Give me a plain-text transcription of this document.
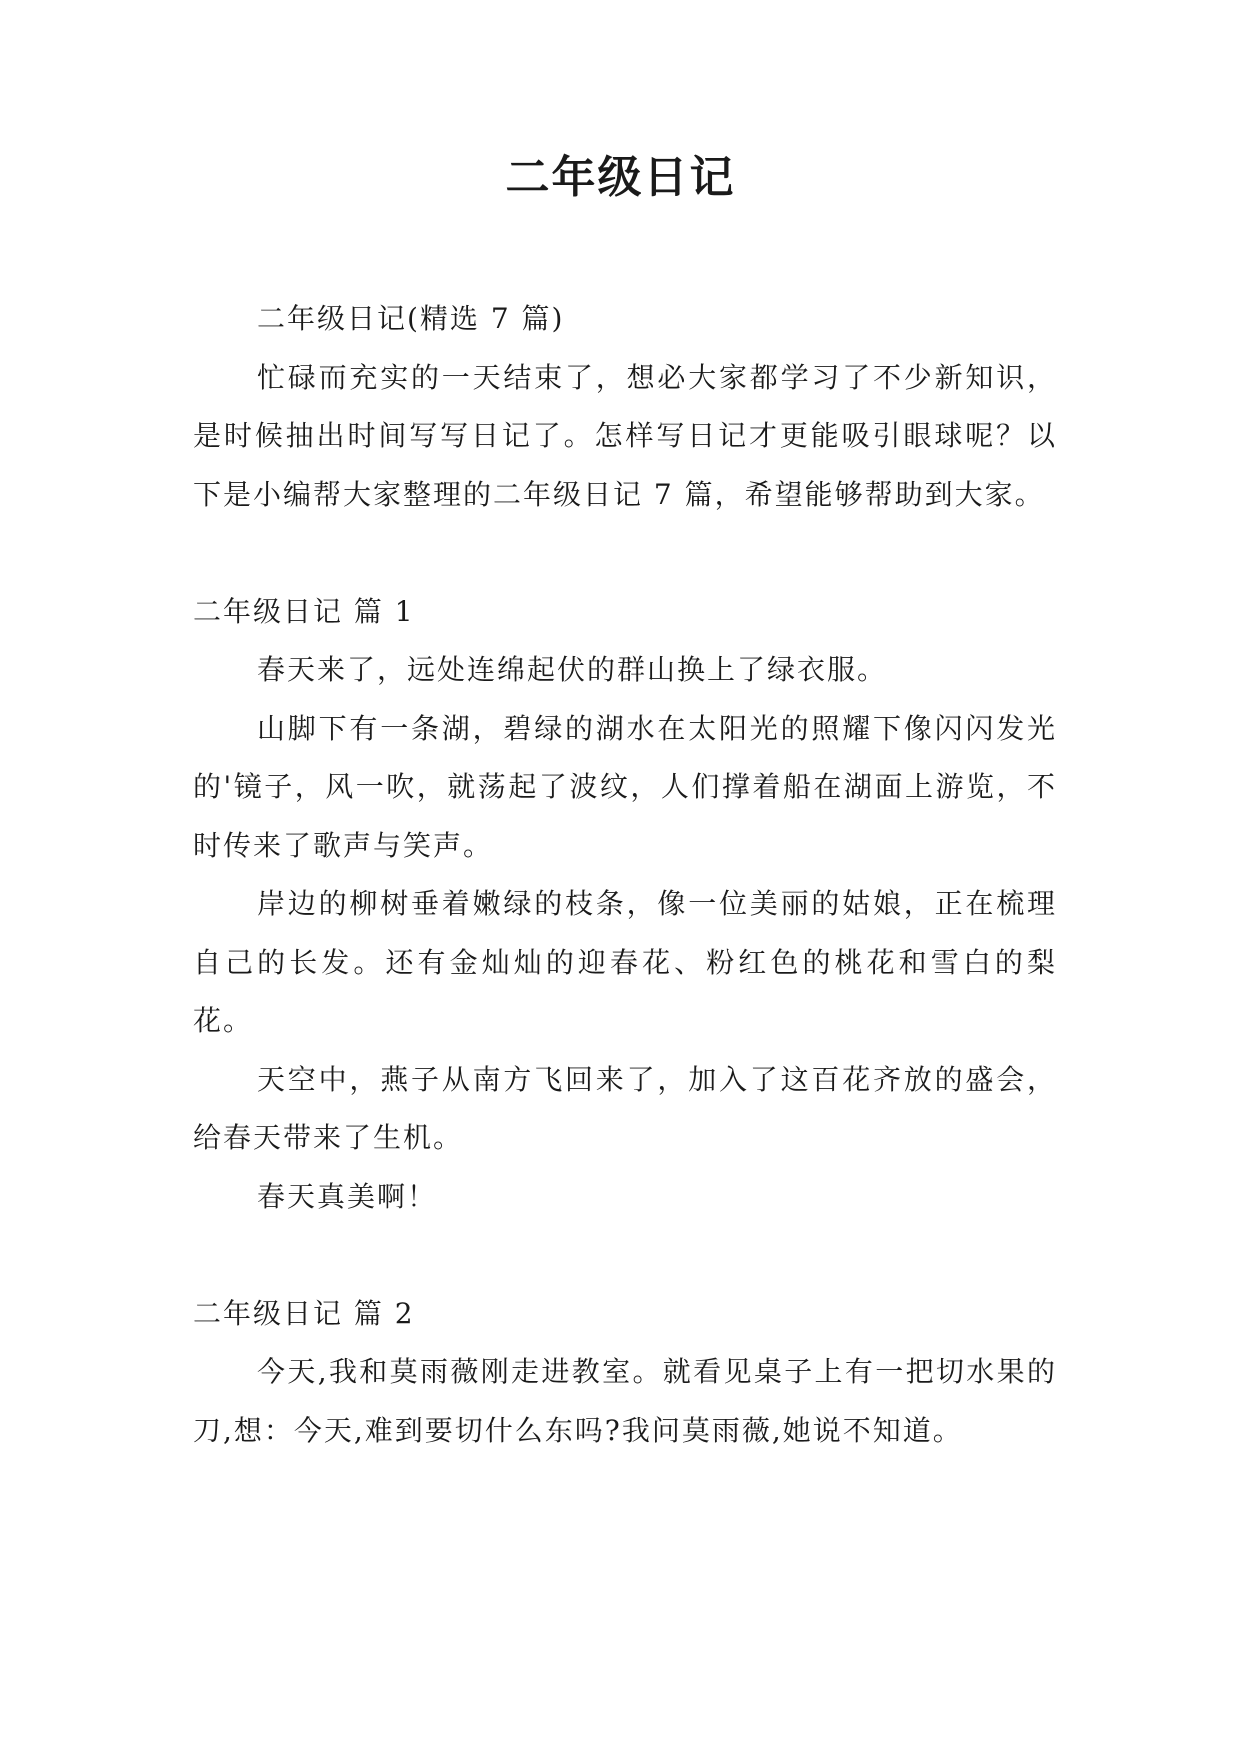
二年级日记

二年级日记(精选 7 篇)

忙碌而充实的一天结束了，想必大家都学习了不少新知识，是时候抽出时间写写日记了。怎样写日记才更能吸引眼球呢？以下是小编帮大家整理的二年级日记 7 篇，希望能够帮助到大家。

二年级日记 篇 1

春天来了，远处连绵起伏的群山换上了绿衣服。

山脚下有一条湖，碧绿的湖水在太阳光的照耀下像闪闪发光的'镜子，风一吹，就荡起了波纹，人们撑着船在湖面上游览，不时传来了歌声与笑声。

岸边的柳树垂着嫩绿的枝条，像一位美丽的姑娘，正在梳理自己的长发。还有金灿灿的迎春花、粉红色的桃花和雪白的梨花。

天空中，燕子从南方飞回来了，加入了这百花齐放的盛会，给春天带来了生机。

春天真美啊！

二年级日记 篇 2

今天,我和莫雨薇刚走进教室。就看见桌子上有一把切水果的刀,想：今天,难到要切什么东吗?我问莫雨薇,她说不知道。
